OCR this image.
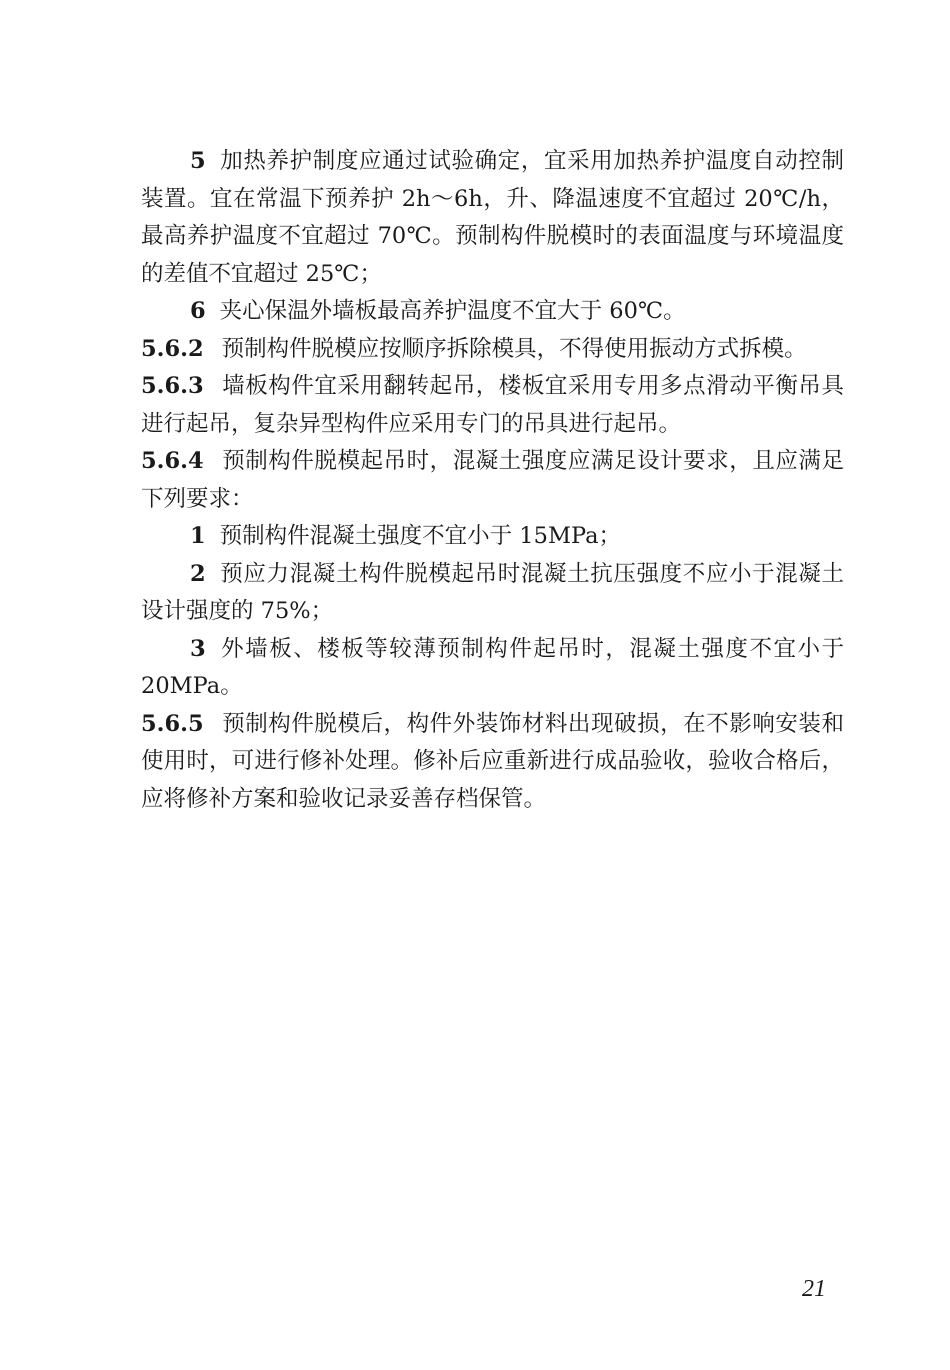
5 加热养护制度应通过试验确定，宜采用加热养护温度自动控制装置。宜在常温下预养护 2h～6h，升、降温速度不宜超过 20℃/h，最高养护温度不宜超过 70℃。预制构件脱模时的表面温度与环境温度的差值不宜超过 25℃；

6 夹心保温外墙板最高养护温度不宜大于 60℃。

5.6.2 预制构件脱模应按顺序拆除模具，不得使用振动方式拆模。

5.6.3 墙板构件宜采用翻转起吊，楼板宜采用专用多点滑动平衡吊具进行起吊，复杂异型构件应采用专门的吊具进行起吊。

5.6.4 预制构件脱模起吊时，混凝土强度应满足设计要求，且应满足下列要求：

1 预制构件混凝土强度不宜小于 15MPa；

2 预应力混凝土构件脱模起吊时混凝土抗压强度不应小于混凝土设计强度的 75%；

3 外墙板、楼板等较薄预制构件起吊时，混凝土强度不宜小于 20MPa。

5.6.5 预制构件脱模后，构件外装饰材料出现破损，在不影响安装和使用时，可进行修补处理。修补后应重新进行成品验收，验收合格后，应将修补方案和验收记录妥善存档保管。

21
